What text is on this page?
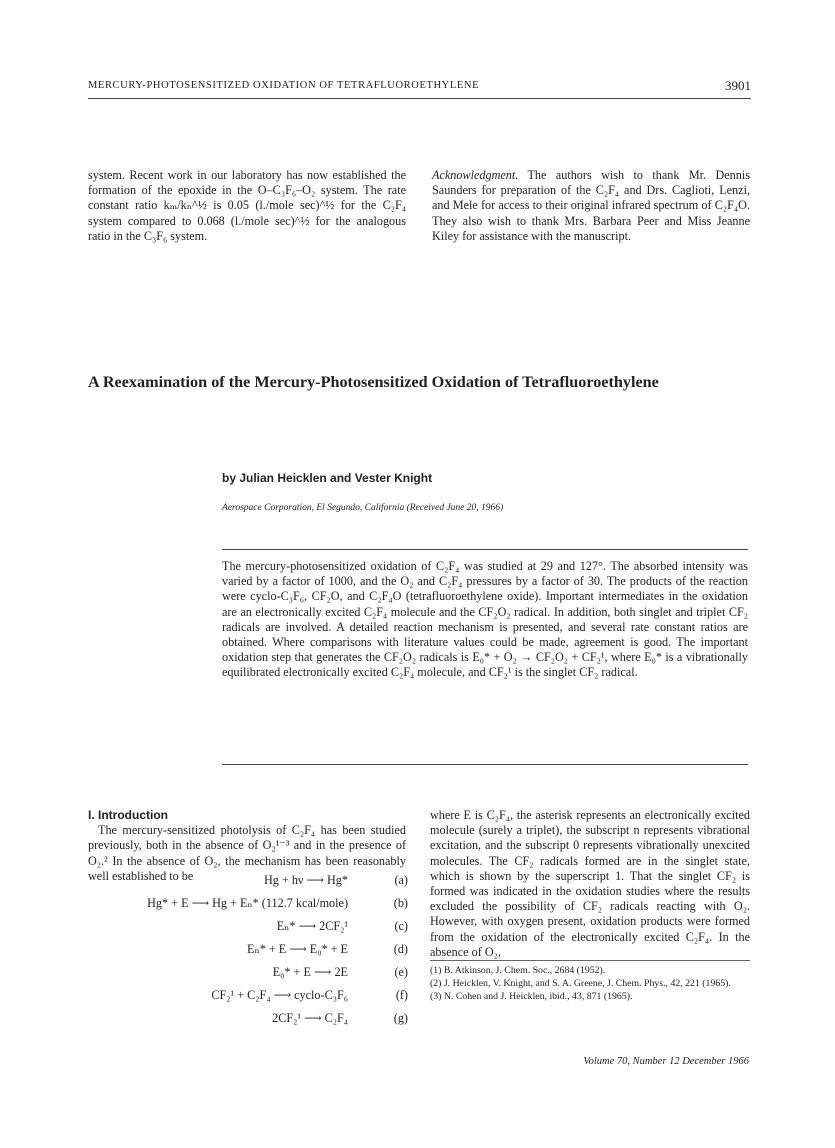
MERCURY-PHOTOSENSITIZED OXIDATION OF TETRAFLUOROETHYLENE	3901

system. Recent work in our laboratory has now established the formation of the epoxide in the O–C₃F₆–O₂ system. The rate constant ratio kₘ/kₙ^½ is 0.05 (l./mole sec)^½ for the C₂F₄ system compared to 0.068 (l./mole sec)^½ for the analogous ratio in the C₃F₆ system.

Acknowledgment. The authors wish to thank Mr. Dennis Saunders for preparation of the C₂F₄ and Drs. Caglioti, Lenzi, and Mele for access to their original infrared spectrum of C₂F₄O. They also wish to thank Mrs. Barbara Peer and Miss Jeanne Kiley for assistance with the manuscript.

A Reexamination of the Mercury-Photosensitized Oxidation of Tetrafluoroethylene
by Julian Heicklen and Vester Knight
Aerospace Corporation, El Segundo, California (Received June 20, 1966)
The mercury-photosensitized oxidation of C₂F₄ was studied at 29 and 127°. The absorbed intensity was varied by a factor of 1000, and the O₂ and C₂F₄ pressures by a factor of 30. The products of the reaction were cyclo-C₃F₆, CF₂O, and C₂F₄O (tetrafluoroethylene oxide). Important intermediates in the oxidation are an electronically excited C₂F₄ molecule and the CF₂O₂ radical. In addition, both singlet and triplet CF₂ radicals are involved. A detailed reaction mechanism is presented, and several rate constant ratios are obtained. Where comparisons with literature values could be made, agreement is good. The important oxidation step that generates the CF₂O₂ radicals is E₀* + O₂ → CF₂O₂ + CF₂¹, where E₀* is a vibrationally equilibrated electronically excited C₂F₄ molecule, and CF₂¹ is the singlet CF₂ radical.
I. Introduction

The mercury-sensitized photolysis of C₂F₄ has been studied previously, both in the absence of O₂¹⁻³ and in the presence of O₂.² In the absence of O₂, the mechanism has been reasonably well established to be	Hg + hν ⟶ Hg*	(a)
Hg* + E ⟶ Hg + Eₙ* (112.7 kcal/mole)	(b)
Eₙ* ⟶ 2CF₂¹	(c)
Eₙ* + E ⟶ E₀* + E	(d)
E₀* + E ⟶ 2E	(e)
CF₂¹ + C₂F₄ ⟶ cyclo-C₃F₆	(f)
2CF₂¹ ⟶ C₂F₄	(g)

where E is C₂F₄, the asterisk represents an electronically excited molecule (surely a triplet), the subscript n represents vibrational excitation, and the subscript 0 represents vibrationally unexcited molecules. The CF₂ radicals formed are in the singlet state, which is shown by the superscript 1. That the singlet CF₂ is formed was indicated in the oxidation studies where the results excluded the possibility of CF₂ radicals reacting with O₂. However, with oxygen present, oxidation products were formed from the oxidation of the electronically excited C₂F₄. In the absence of O₂,

(1) B. Atkinson, J. Chem. Soc., 2684 (1952).

(2) J. Heicklen, V. Knight, and S. A. Greene, J. Chem. Phys., 42, 221 (1965).

(3) N. Cohen and J. Heicklen, ibid., 43, 871 (1965).

Volume 70, Number 12 December 1966
